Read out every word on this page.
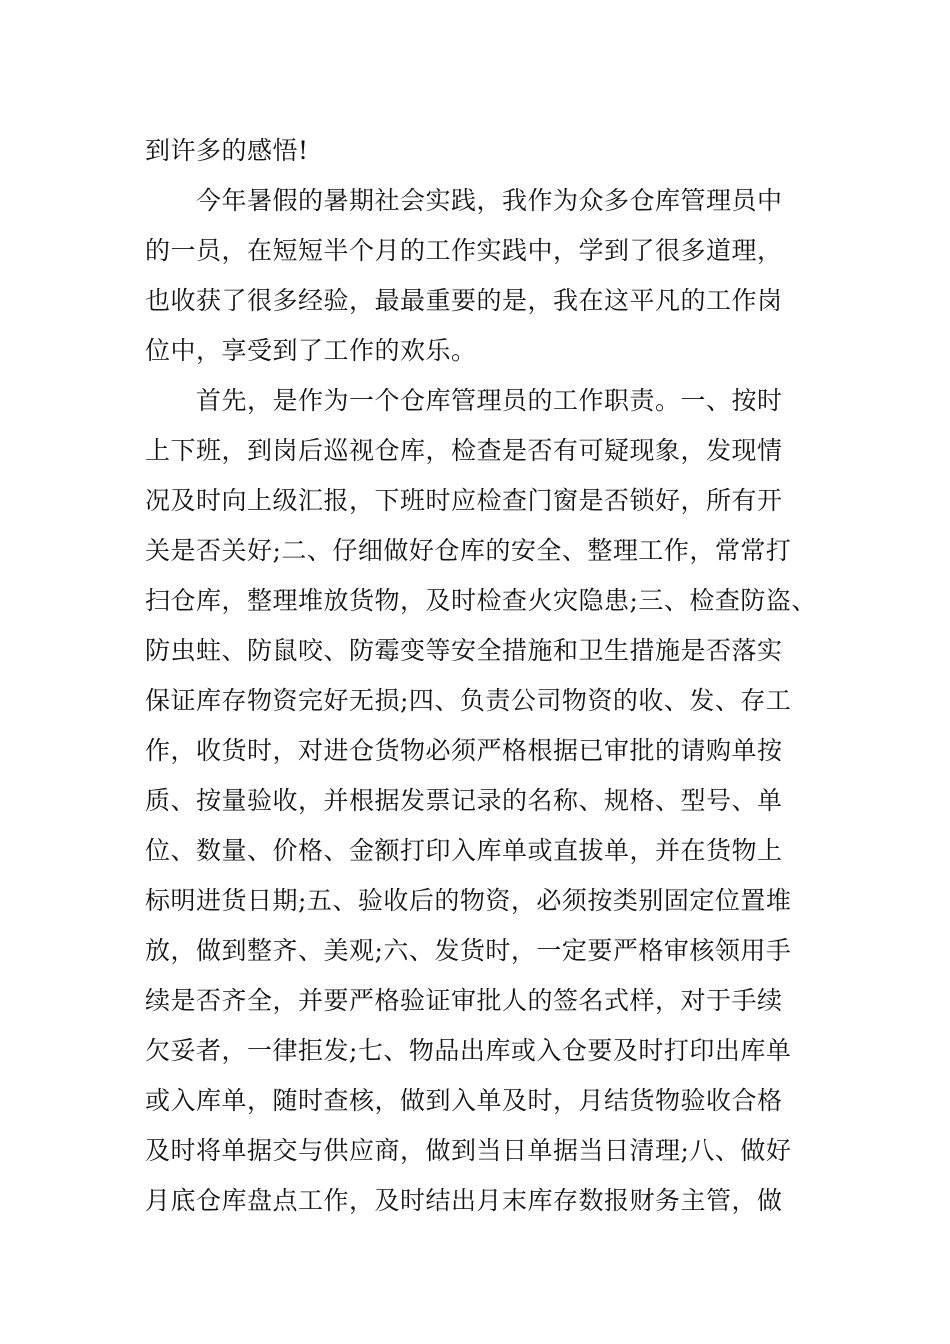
到许多的感悟!
　　今年暑假的暑期社会实践，我作为众多仓库管理员中
的一员，在短短半个月的工作实践中，学到了很多道理，
也收获了很多经验，最最重要的是，我在这平凡的工作岗
位中，享受到了工作的欢乐。
　　首先，是作为一个仓库管理员的工作职责。一、按时
上下班，到岗后巡视仓库，检查是否有可疑现象，发现情
况及时向上级汇报，下班时应检查门窗是否锁好，所有开
关是否关好;二、仔细做好仓库的安全、整理工作，常常打
扫仓库，整理堆放货物，及时检查火灾隐患;三、检查防盗、
防虫蛀、防鼠咬、防霉变等安全措施和卫生措施是否落实
保证库存物资完好无损;四、负责公司物资的收、发、存工
作，收货时，对进仓货物必须严格根据已审批的请购单按
质、按量验收，并根据发票记录的名称、规格、型号、单
位、数量、价格、金额打印入库单或直拔单，并在货物上
标明进货日期;五、验收后的物资，必须按类别固定位置堆
放，做到整齐、美观;六、发货时，一定要严格审核领用手
续是否齐全，并要严格验证审批人的签名式样，对于手续
欠妥者，一律拒发;七、物品出库或入仓要及时打印出库单
或入库单，随时查核，做到入单及时，月结货物验收合格
及时将单据交与供应商，做到当日单据当日清理;八、做好
月底仓库盘点工作，及时结出月末库存数报财务主管，做
